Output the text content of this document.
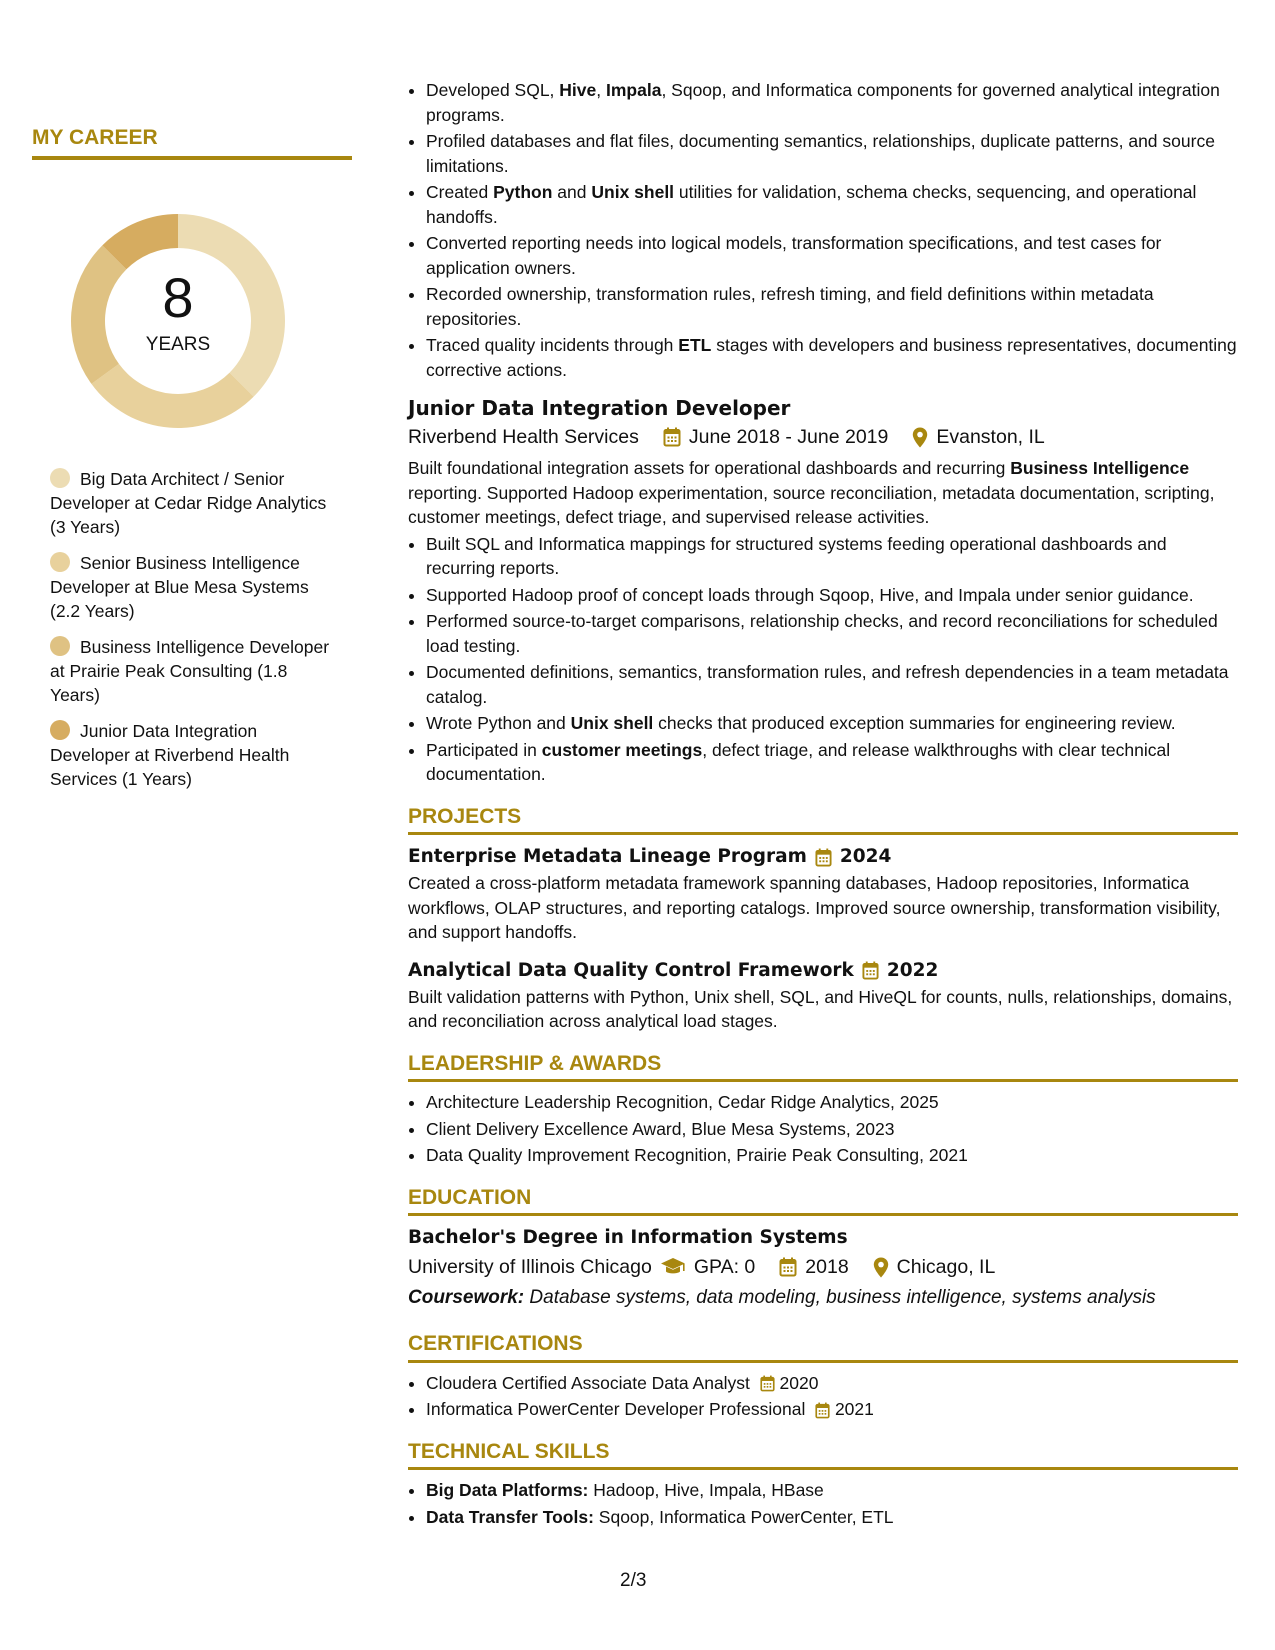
MY CAREER
8
YEARS
Big Data Architect / Senior Developer at Cedar Ridge Analytics (3 Years)
Senior Business Intelligence Developer at Blue Mesa Systems (2.2 Years)
Business Intelligence Developer at Prairie Peak Consulting (1.8 Years)
Junior Data Integration Developer at Riverbend Health Services (1 Years)
• Developed SQL, Hive, Impala, Sqoop, and Informatica components for governed analytical integration programs.
• Profiled databases and flat files, documenting semantics, relationships, duplicate patterns, and source limitations.
• Created Python and Unix shell utilities for validation, schema checks, sequencing, and operational handoffs.
• Converted reporting needs into logical models, transformation specifications, and test cases for application owners.
• Recorded ownership, transformation rules, refresh timing, and field definitions within metadata repositories.
• Traced quality incidents through ETL stages with developers and business representatives, documenting corrective actions.
Junior Data Integration Developer
Riverbend Health Services	June 2018 - June 2019 Evanston, IL
Built foundational integration assets for operational dashboards and recurring Business Intelligence reporting. Supported Hadoop experimentation, source reconciliation, metadata documentation, scripting, customer meetings, defect triage, and supervised release activities.
• Built SQL and Informatica mappings for structured systems feeding operational dashboards and recurring reports.
• Supported Hadoop proof of concept loads through Sqoop, Hive, and Impala under senior guidance.
• Performed source-to-target comparisons, relationship checks, and record reconciliations for scheduled load testing.
• Documented definitions, semantics, transformation rules, and refresh dependencies in a team metadata catalog.
• Wrote Python and Unix shell checks that produced exception summaries for engineering review.
• Participated in customer meetings, defect triage, and release walkthroughs with clear technical documentation.
PROJECTS
Enterprise Metadata Lineage Program 2024
Created a cross-platform metadata framework spanning databases, Hadoop repositories, Informatica workflows, OLAP structures, and reporting catalogs. Improved source ownership, transformation visibility, and support handoffs.
Analytical Data Quality Control Framework 2022
Built validation patterns with Python, Unix shell, SQL, and HiveQL for counts, nulls, relationships, domains, and reconciliation across analytical load stages.
LEADERSHIP & AWARDS
• Architecture Leadership Recognition, Cedar Ridge Analytics, 2025
• Client Delivery Excellence Award, Blue Mesa Systems, 2023
• Data Quality Improvement Recognition, Prairie Peak Consulting, 2021
EDUCATION
Bachelor's Degree in Information Systems
University of Illinois Chicago GPA: 0	2018 Chicago, IL
Coursework: Database systems, data modeling, business intelligence, systems analysis
CERTIFICATIONS
• Cloudera Certified Associate Data Analyst 2020
• Informatica PowerCenter Developer Professional 2021
TECHNICAL SKILLS
• Big Data Platforms: Hadoop, Hive, Impala, HBase
• Data Transfer Tools: Sqoop, Informatica PowerCenter, ETL
2/3
